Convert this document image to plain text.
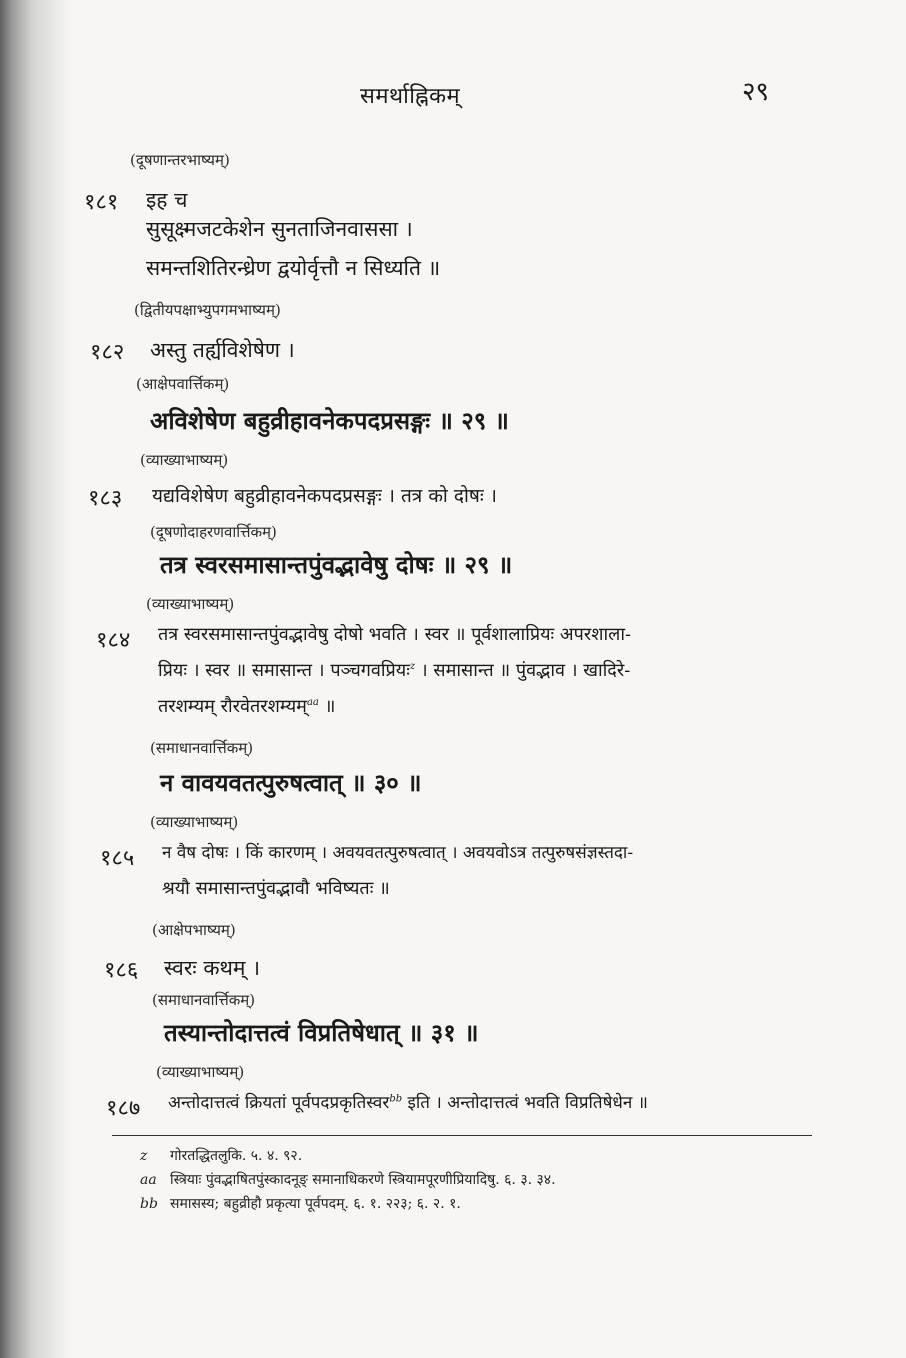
समर्थाह्निकम्	२९
(दूषणान्तरभाष्यम्)
१८१ इह च
सुसूक्ष्मजटकेशेन सुनताजिनवाससा ।
समन्तशितिरन्ध्रेण द्वयोर्वृत्तौ न सिध्यति ॥
(द्वितीयपक्षाभ्युपगमभाष्यम्)
१८२ अस्तु तर्ह्यविशेषेण ।
(आक्षेपवार्त्तिकम्)
अविशेषेण बहुव्रीहावनेकपदप्रसङ्गः ॥ २९ ॥
(व्याख्याभाष्यम्)
१८३ यद्यविशेषेण बहुव्रीहावनेकपदप्रसङ्गः । तत्र को दोषः ।
(दूषणोदाहरणवार्त्तिकम्)
तत्र स्वरसमासान्तपुंवद्भावेषु दोषः ॥ २९ ॥
(व्याख्याभाष्यम्)
१८४ तत्र स्वरसमासान्तपुंवद्भावेषु दोषो भवति । स्वर ॥ पूर्वशालाप्रियः अपरशाला-
प्रियः । स्वर ॥ समासान्त । पञ्चगवप्रियः$^z$ । समासान्त ॥ पुंवद्भाव । खादिरे-
तरशम्यम् रौरवेतरशम्यम्$^{aa}$ ॥
(समाधानवार्त्तिकम्)
न वावयवतत्पुरुषत्वात् ॥ ३० ॥
(व्याख्याभाष्यम्)
१८५ न वैष दोषः । किं कारणम् । अवयवतत्पुरुषत्वात् । अवयवोऽत्र तत्पुरुषसंज्ञस्तदा-
श्रयौ समासान्तपुंवद्भावौ भविष्यतः ॥
(आक्षेपभाष्यम्)
१८६ स्वरः कथम् ।
(समाधानवार्त्तिकम्)
तस्यान्तोदात्तत्वं विप्रतिषेधात् ॥ ३१ ॥
(व्याख्याभाष्यम्)
१८७ अन्तोदात्तत्वं क्रियतां पूर्वपदप्रकृतिस्वर$^{bb}$ इति । अन्तोदात्तत्वं भवति विप्रतिषेधेन ॥
z गोरतद्धितलुकि. ५. ४. ९२.
aa स्त्रियाः पुंवद्भाषितपुंस्कादनूङ् समानाधिकरणे स्त्रियामपूरणीप्रियादिषु. ६. ३. ३४.
bb समासस्य; बहुव्रीहौ प्रकृत्या पूर्वपदम्. ६. १. २२३; ६. २. १.
